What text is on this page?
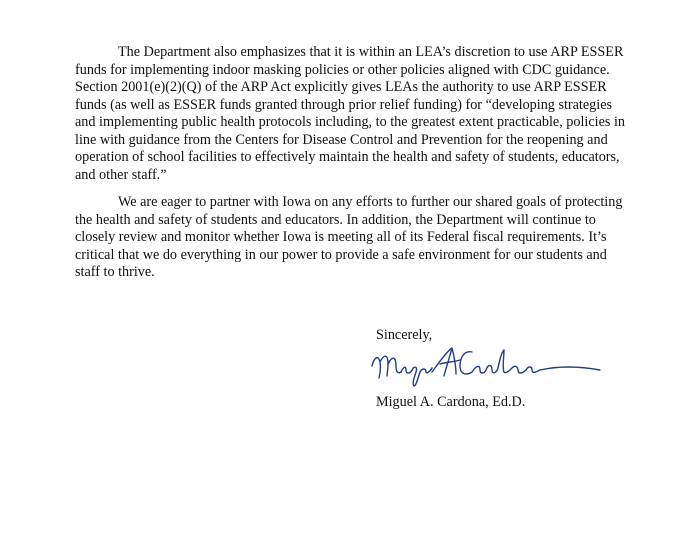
The Department also emphasizes that it is within an LEA’s discretion to use ARP ESSER
funds for implementing indoor masking policies or other policies aligned with CDC guidance.
Section 2001(e)(2)(Q) of the ARP Act explicitly gives LEAs the authority to use ARP ESSER
funds (as well as ESSER funds granted through prior relief funding) for “developing strategies
and implementing public health protocols including, to the greatest extent practicable, policies in
line with guidance from the Centers for Disease Control and Prevention for the reopening and
operation of school facilities to effectively maintain the health and safety of students, educators,
and other staff.”

We are eager to partner with Iowa on any efforts to further our shared goals of protecting
the health and safety of students and educators. In addition, the Department will continue to
closely review and monitor whether Iowa is meeting all of its Federal fiscal requirements. It’s
critical that we do everything in our power to provide a safe environment for our students and
staff to thrive.

Sincerely,
Miguel A. Cardona, Ed.D.
